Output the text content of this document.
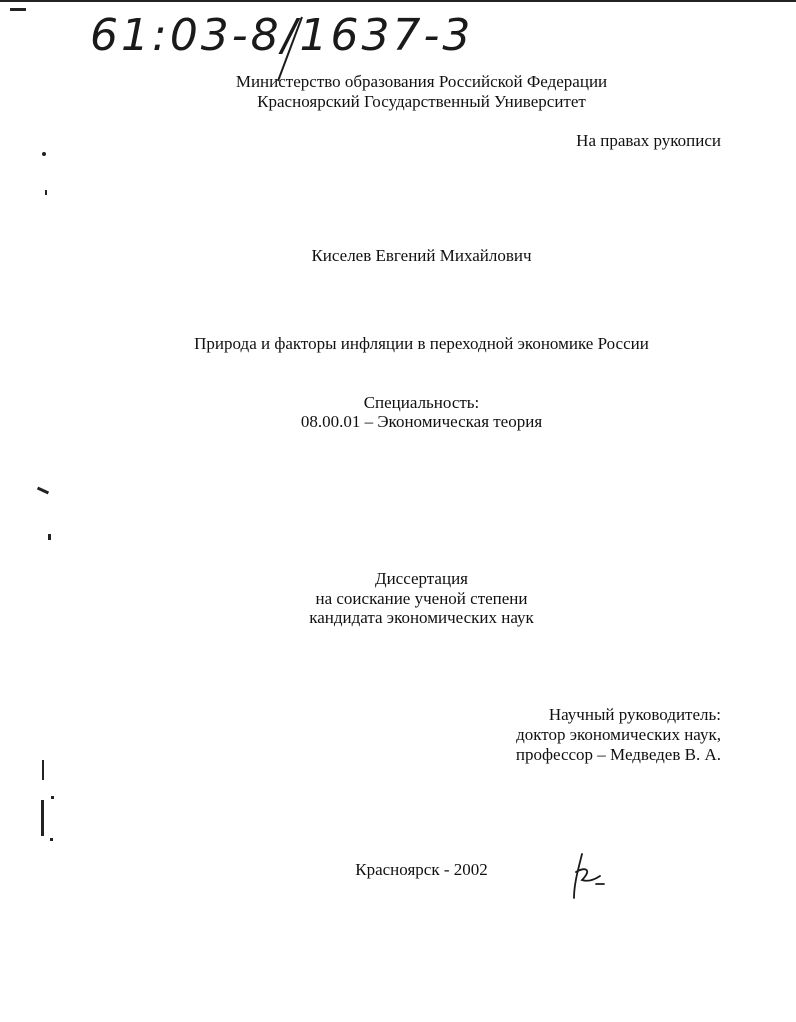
61:03-8/1637-3
Министерство образования Российской Федерации
Красноярский Государственный Университет
На правах рукописи
Киселев Евгений Михайлович
Природа и факторы инфляции в переходной экономике России
Специальность:
08.00.01 – Экономическая теория
Диссертация
на соискание ученой степени
кандидата экономических наук
Научный руководитель:
доктор экономических наук,
профессор – Медведев В. А.
Красноярск - 2002
